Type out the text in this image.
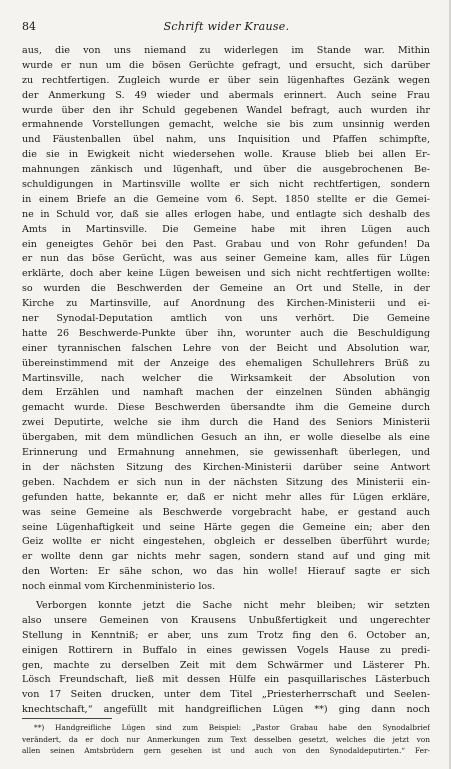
84	Schrift wider Krause.
aus, die von uns niemand zu widerlegen im Stande war. Mithin
wurde er nun um die bösen Gerüchte gefragt, und ersucht, sich darüber
zu rechtfertigen. Zugleich wurde er über sein lügenhaftes Gezänk wegen
der Anmerkung S. 49 wieder und abermals erinnert. Auch seine Frau
wurde über den ihr Schuld gegebenen Wandel befragt, auch wurden ihr
ermahnende Vorstellungen gemacht, welche sie bis zum unsinnig werden
und Fäustenballen übel nahm, uns Inquisition und Pfaffen schimpfte,
die sie in Ewigkeit nicht wiedersehen wolle. Krause blieb bei allen Er-
mahnungen zänkisch und lügenhaft, und über die ausgebrochenen Be-
schuldigungen in Martinsville wollte er sich nicht rechtfertigen, sondern
in einem Briefe an die Gemeine vom 6. Sept. 1850 stellte er die Gemei-
ne in Schuld vor, daß sie alles erlogen habe, und entlagte sich deshalb des
Amts in Martinsville. Die Gemeine habe mit ihren Lügen auch
ein geneigtes Gehör bei den Past. Grabau und von Rohr gefunden! Da
er nun das böse Gerücht, was aus seiner Gemeine kam, alles für Lügen
erklärte, doch aber keine Lügen beweisen und sich nicht rechtfertigen wollte:
so wurden die Beschwerden der Gemeine an Ort und Stelle, in der
Kirche zu Martinsville, auf Anordnung des Kirchen-Ministerii und ei-
ner Synodal-Deputation amtlich von uns verhört. Die Gemeine
hatte 26 Beschwerde-Punkte über ihn, worunter auch die Beschuldigung
einer tyrannischen falschen Lehre von der Beicht und Absolution war,
übereinstimmend mit der Anzeige des ehemaligen Schullehrers Brüß zu
Martinsville, nach welcher die Wirksamkeit der Absolution von
dem Erzählen und namhaft machen der einzelnen Sünden abhängig
gemacht wurde. Diese Beschwerden übersandte ihm die Gemeine durch
zwei Deputirte, welche sie ihm durch die Hand des Seniors Ministerii
übergaben, mit dem mündlichen Gesuch an ihn, er wolle dieselbe als eine
Erinnerung und Ermahnung annehmen, sie gewissenhaft überlegen, und
in der nächsten Sitzung des Kirchen-Ministerii darüber seine Antwort
geben. Nachdem er sich nun in der nächsten Sitzung des Ministerii ein-
gefunden hatte, bekannte er, daß er nicht mehr alles für Lügen erkläre,
was seine Gemeine als Beschwerde vorgebracht habe, er gestand auch
seine Lügenhaftigkeit und seine Härte gegen die Gemeine ein; aber den
Geiz wollte er nicht eingestehen, obgleich er desselben überführt wurde;
er wollte denn gar nichts mehr sagen, sondern stand auf und ging mit
den Worten: Er sähe schon, wo das hin wolle! Hierauf sagte er sich
noch einmal vom Kirchenministerio los.
Verborgen konnte jetzt die Sache nicht mehr bleiben; wir setzten
also unsere Gemeinen von Krausens Unbußfertigkeit und ungerechter
Stellung in Kenntniß; er aber, uns zum Trotz fing den 6. October an,
einigen Rottirern in Buffalo in eines gewissen Vogels Hause zu predi-
gen, machte zu derselben Zeit mit dem Schwärmer und Lästerer Ph.
Lösch Freundschaft, ließ mit dessen Hülfe ein pasquillarisches Lästerbuch
von 17 Seiten drucken, unter dem Titel „Priesterherrschaft und Seelen-
knechtschaft,“ angefüllt mit handgreiflichen Lügen **) ging dann noch
**) Handgreifliche Lügen sind zum Beispiel: „Pastor Grabau habe den Synodalbrief
verändert, da er doch nur Anmerkungen zum Text desselben gesetzt, welches die jetzt von
allen seinen Amtsbrüdern gern gesehen ist und auch von den Synodaldeputirten.“ Fer-
